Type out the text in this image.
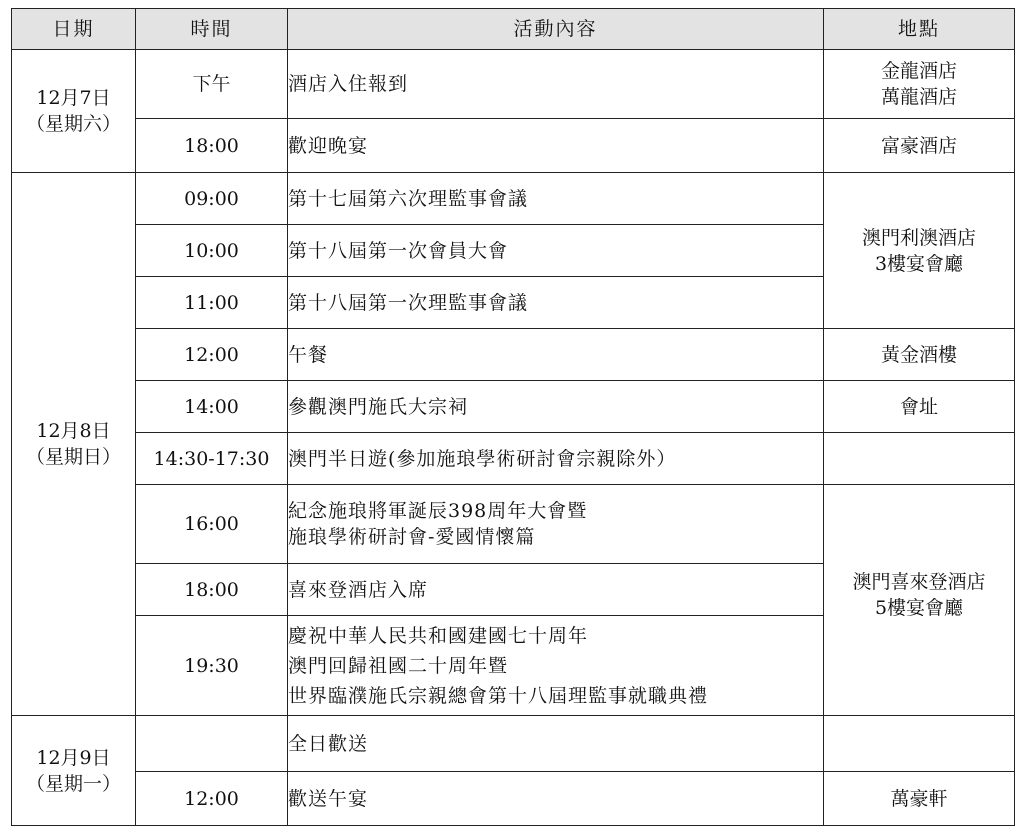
日期	時間	活動內容	地點

12月7日
（星期六）	下午	酒店入住報到	金龍酒店
萬龍酒店

	18:00	歡迎晚宴	富豪酒店

12月8日
（星期日）	09:00	第十七屆第六次理監事會議	澳門利澳酒店
3樓宴會廳

	10:00	第十八屆第一次會員大會	

	11:00	第十八屆第一次理監事會議	

	12:00	午餐	黃金酒樓
	14:00	參觀澳門施氏大宗祠	會址
	14:30-17:30	澳門半日遊(參加施琅學術研討會宗親除外）	

	16:00	紀念施琅將軍誕辰398周年大會暨
施琅學術研討會-愛國情懷篇	澳門喜來登酒店
5樓宴會廳

	18:00	喜來登酒店入席	

	19:30	慶祝中華人民共和國建國七十周年
澳門回歸祖國二十周年暨
世界臨濮施氏宗親總會第十八屆理監事就職典禮	

12月9日
（星期一）		全日歡送	

	12:00	歡送午宴	萬豪軒
